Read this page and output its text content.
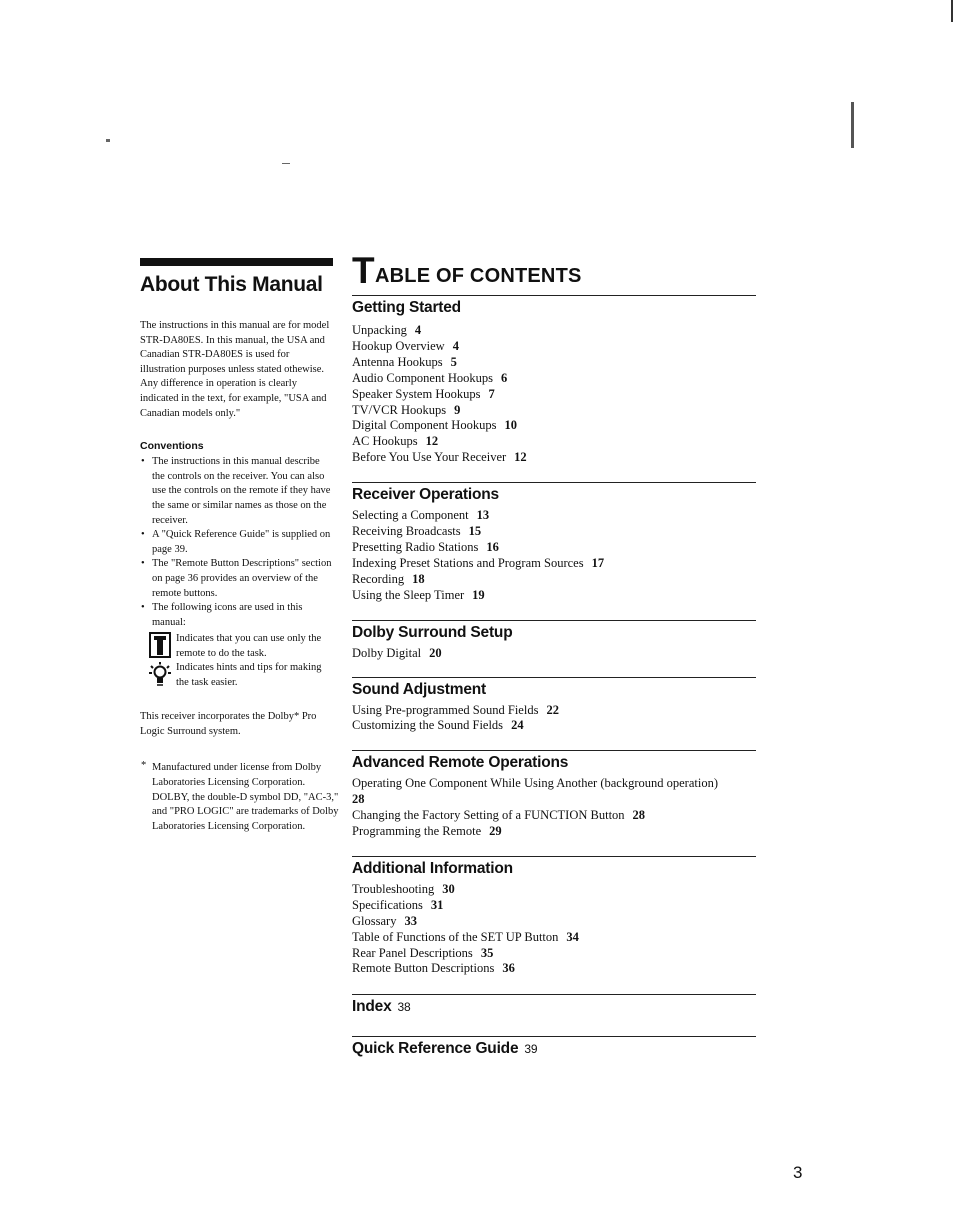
About This Manual
The instructions in this manual are for model STR-DA80ES. In this manual, the USA and Canadian STR-DA80ES is used for illustration purposes unless stated othewise. Any difference in operation is clearly indicated in the text, for example, "USA and Canadian models only."
Conventions
• The instructions in this manual describe the controls on the receiver. You can also use the controls on the remote if they have the same or similar names as those on the receiver.
• A "Quick Reference Guide" is supplied on page 39.
• The "Remote Button Descriptions" section on page 36 provides an overview of the remote buttons.
• The following icons are used in this manual:
Indicates that you can use only the remote to do the task.
Indicates hints and tips for making the task easier.
This receiver incorporates the Dolby* Pro Logic Surround system.
* Manufactured under license from Dolby Laboratories Licensing Corporation. DOLBY, the double-D symbol DD, "AC-3," and "PRO LOGIC" are trademarks of Dolby Laboratories Licensing Corporation.
T ABLE OF CONTENTS
Getting Started
Unpacking 4
Hookup Overview 4
Antenna Hookups 5
Audio Component Hookups 6
Speaker System Hookups 7
TV/VCR Hookups 9
Digital Component Hookups 10
AC Hookups 12
Before You Use Your Receiver 12
Receiver Operations
Selecting a Component 13
Receiving Broadcasts 15
Presetting Radio Stations 16
Indexing Preset Stations and Program Sources 17
Recording 18
Using the Sleep Timer 19
Dolby Surround Setup
Dolby Digital 20
Sound Adjustment
Using Pre-programmed Sound Fields 22
Customizing the Sound Fields 24
Advanced Remote Operations
Operating One Component While Using Another (background operation)
28
Changing the Factory Setting of a FUNCTION Button 28
Programming the Remote 29
Additional Information
Troubleshooting 30
Specifications 31
Glossary 33
Table of Functions of the SET UP Button 34
Rear Panel Descriptions 35
Remote Button Descriptions 36
Index 38
Quick Reference Guide 39
3
